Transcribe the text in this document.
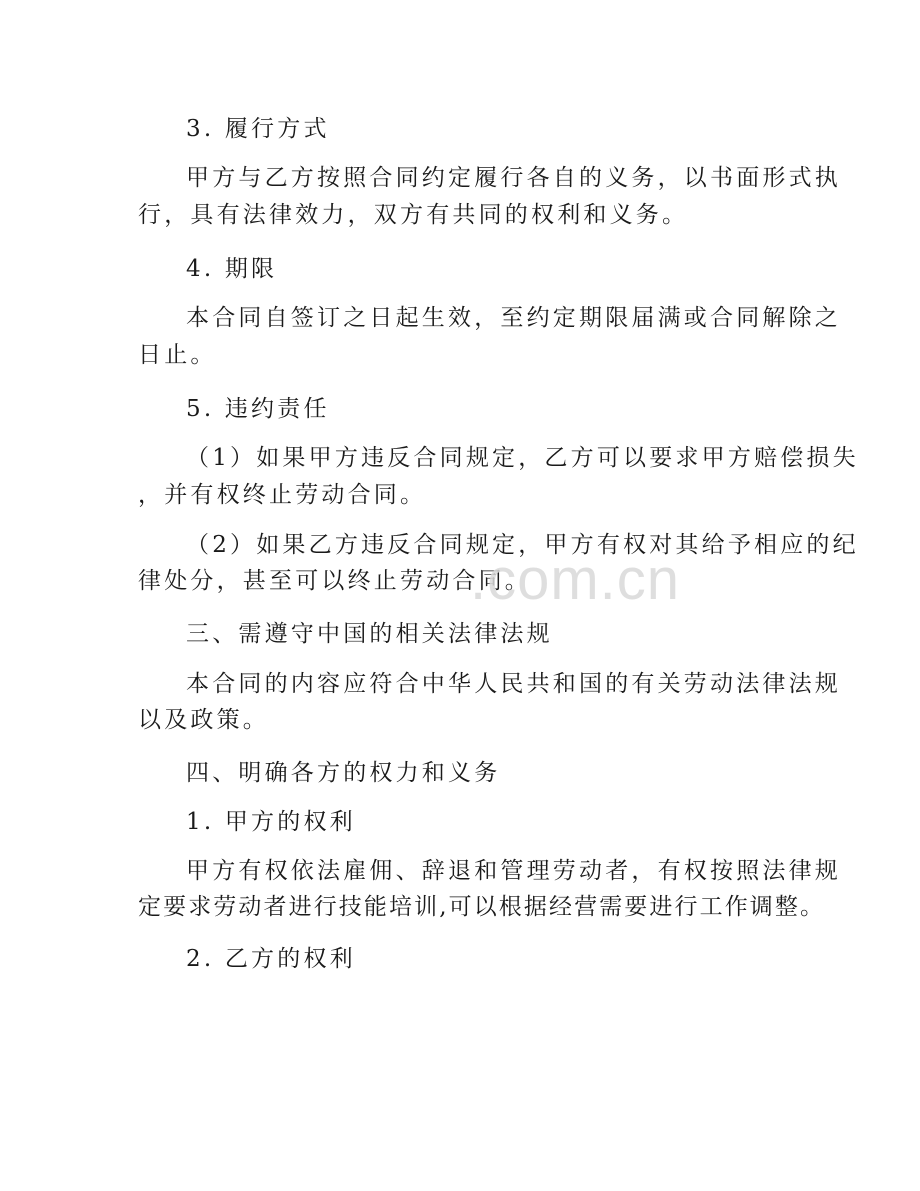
3. 履行方式
甲方与乙方按照合同约定履行各自的义务，以书面形式执
行，具有法律效力，双方有共同的权利和义务。
4. 期限
本合同自签订之日起生效，至约定期限届满或合同解除之
日止。
5. 违约责任
（1）如果甲方违反合同规定，乙方可以要求甲方赔偿损失
，并有权终止劳动合同。
（2）如果乙方违反合同规定，甲方有权对其给予相应的纪
律处分，甚至可以终止劳动合同。
三、需遵守中国的相关法律法规
本合同的内容应符合中华人民共和国的有关劳动法律法规
以及政策。
四、明确各方的权力和义务
1. 甲方的权利
甲方有权依法雇佣、辞退和管理劳动者，有权按照法律规
定要求劳动者进行技能培训,可以根据经营需要进行工作调整。
2. 乙方的权利
.com.cn
